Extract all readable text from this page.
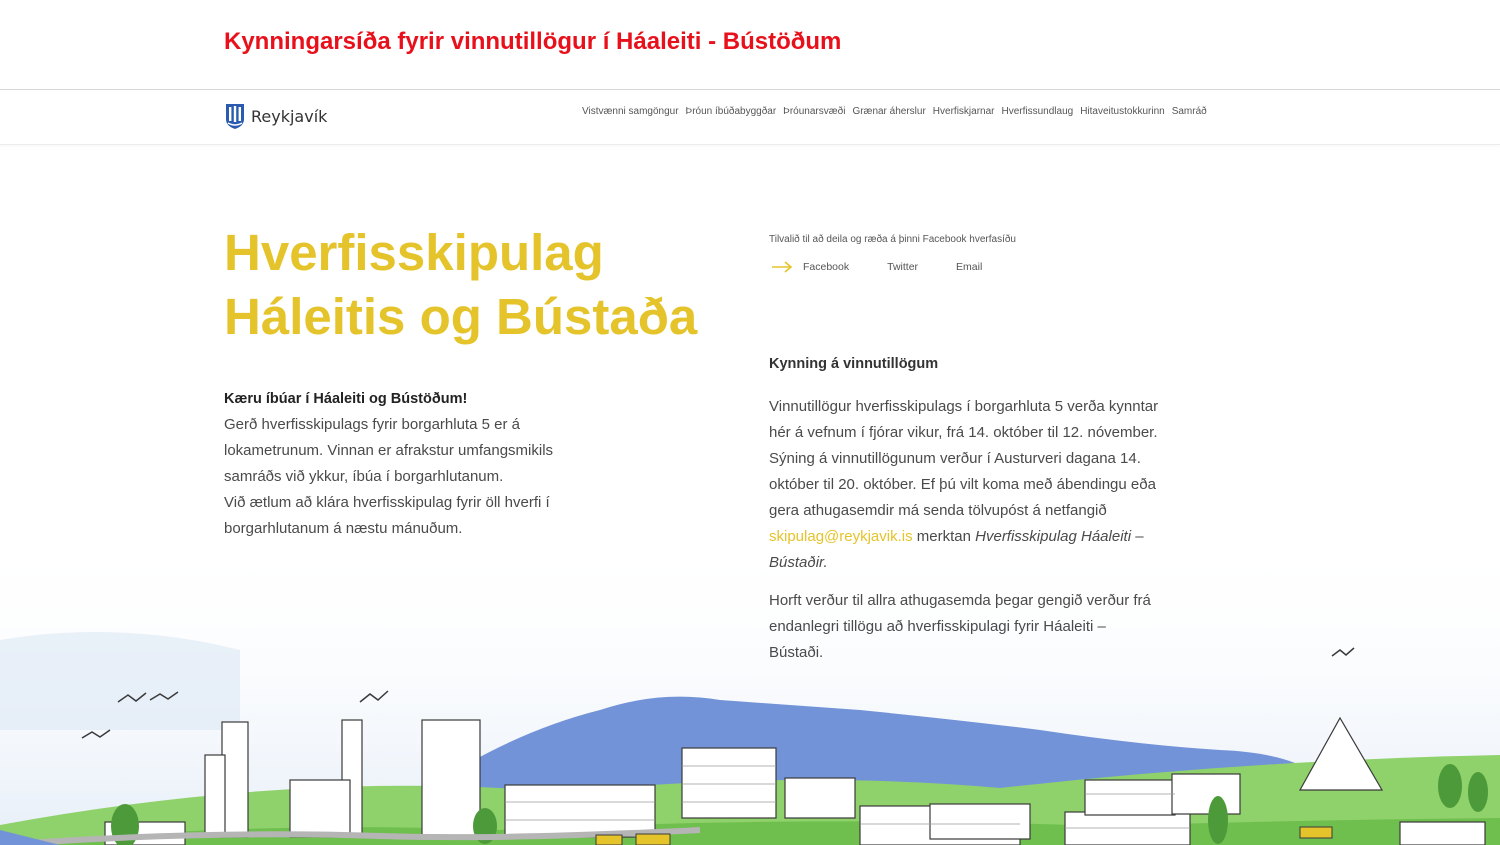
Kynningarsíða fyrir vinnutillögur í Háaleiti - Bústöðum
Reykjavík	Vistvænni samgöngur Þróun íbúðabyggðar Þróunarsvæði Grænar áherslur Hverfiskjarnar Hverfissundlaug Hitaveitustokkurinn Samráð
Hverfisskipulag
Háleitis og Bústaða
Kæru íbúar í Háaleiti og Bústöðum!
Gerð hverfisskipulags fyrir borgarhluta 5 er á lokametrunum. Vinnan er afrakstur umfangsmikils samráðs við ykkur, íbúa í borgarhlutanum.
Við ætlum að klára hverfisskipulag fyrir öll hverfi í borgarhlutanum á næstu mánuðum.
Tilvalið til að deila og ræða á þinni Facebook hverfasíðu
Facebook	Twitter	Email
Kynning á vinnutillögum

Vinnutillögur hverfisskipulags í borgarhluta 5 verða kynntar hér á vefnum í fjórar vikur, frá 14. október til 12. nóvember. Sýning á vinnutillögunum verður í Austurveri dagana 14. október til 20. október. Ef þú vilt koma með ábendingu eða gera athugasemdir má senda tölvupóst á netfangið skipulag@reykjavik.is merktan Hverfisskipulag Háaleiti – Bústaðir.

Horft verður til allra athugasemda þegar gengið verður frá endanlegri tillögu að hverfisskipulagi fyrir Háaleiti – Bústaði.
